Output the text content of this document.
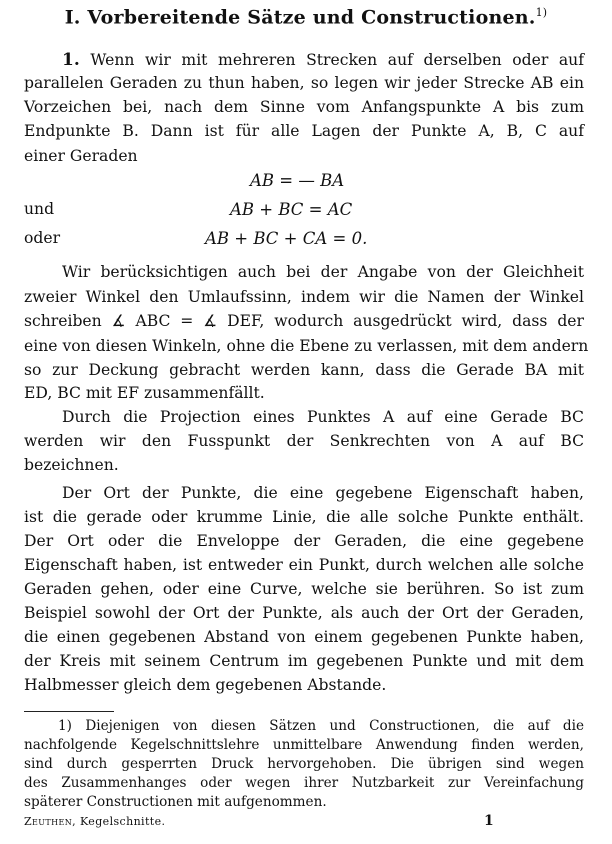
I. Vorbereitende Sätze und Constructionen.$^{1)}$
1. Wenn wir mit mehreren Strecken auf derselben oder auf
parallelen Geraden zu thun haben, so legen wir jeder Strecke AB ein
Vorzeichen bei, nach dem Sinne vom Anfangspunkte A bis zum
Endpunkte B. Dann ist für alle Lagen der Punkte A, B, C auf
einer Geraden
AB = — BA
und	AB + BC = AC
oder	AB + BC + CA = 0.
Wir berücksichtigen auch bei der Angabe von der Gleichheit
zweier Winkel den Umlaufssinn, indem wir die Namen der Winkel
schreiben ∡ ABC = ∡ DEF, wodurch ausgedrückt wird, dass der
eine von diesen Winkeln, ohne die Ebene zu verlassen, mit dem andern
so zur Deckung gebracht werden kann, dass die Gerade BA mit
ED, BC mit EF zusammenfällt.
Durch die Projection eines Punktes A auf eine Gerade BC
werden wir den Fusspunkt der Senkrechten von A auf BC
bezeichnen.
Der Ort der Punkte, die eine gegebene Eigenschaft haben,
ist die gerade oder krumme Linie, die alle solche Punkte enthält.
Der Ort oder die Enveloppe der Geraden, die eine gegebene
Eigenschaft haben, ist entweder ein Punkt, durch welchen alle solche
Geraden gehen, oder eine Curve, welche sie berühren. So ist zum
Beispiel sowohl der Ort der Punkte, als auch der Ort der Geraden,
die einen gegebenen Abstand von einem gegebenen Punkte haben,
der Kreis mit seinem Centrum im gegebenen Punkte und mit dem
Halbmesser gleich dem gegebenen Abstande.
1) Diejenigen von diesen Sätzen und Constructionen, die auf die
nachfolgende Kegelschnittslehre unmittelbare Anwendung finden werden,
sind durch gesperrten Druck hervorgehoben. Die übrigen sind wegen
des Zusammenhanges oder wegen ihrer Nutzbarkeit zur Vereinfachung
späterer Constructionen mit aufgenommen.
Zeuthen, Kegelschnitte.	1
